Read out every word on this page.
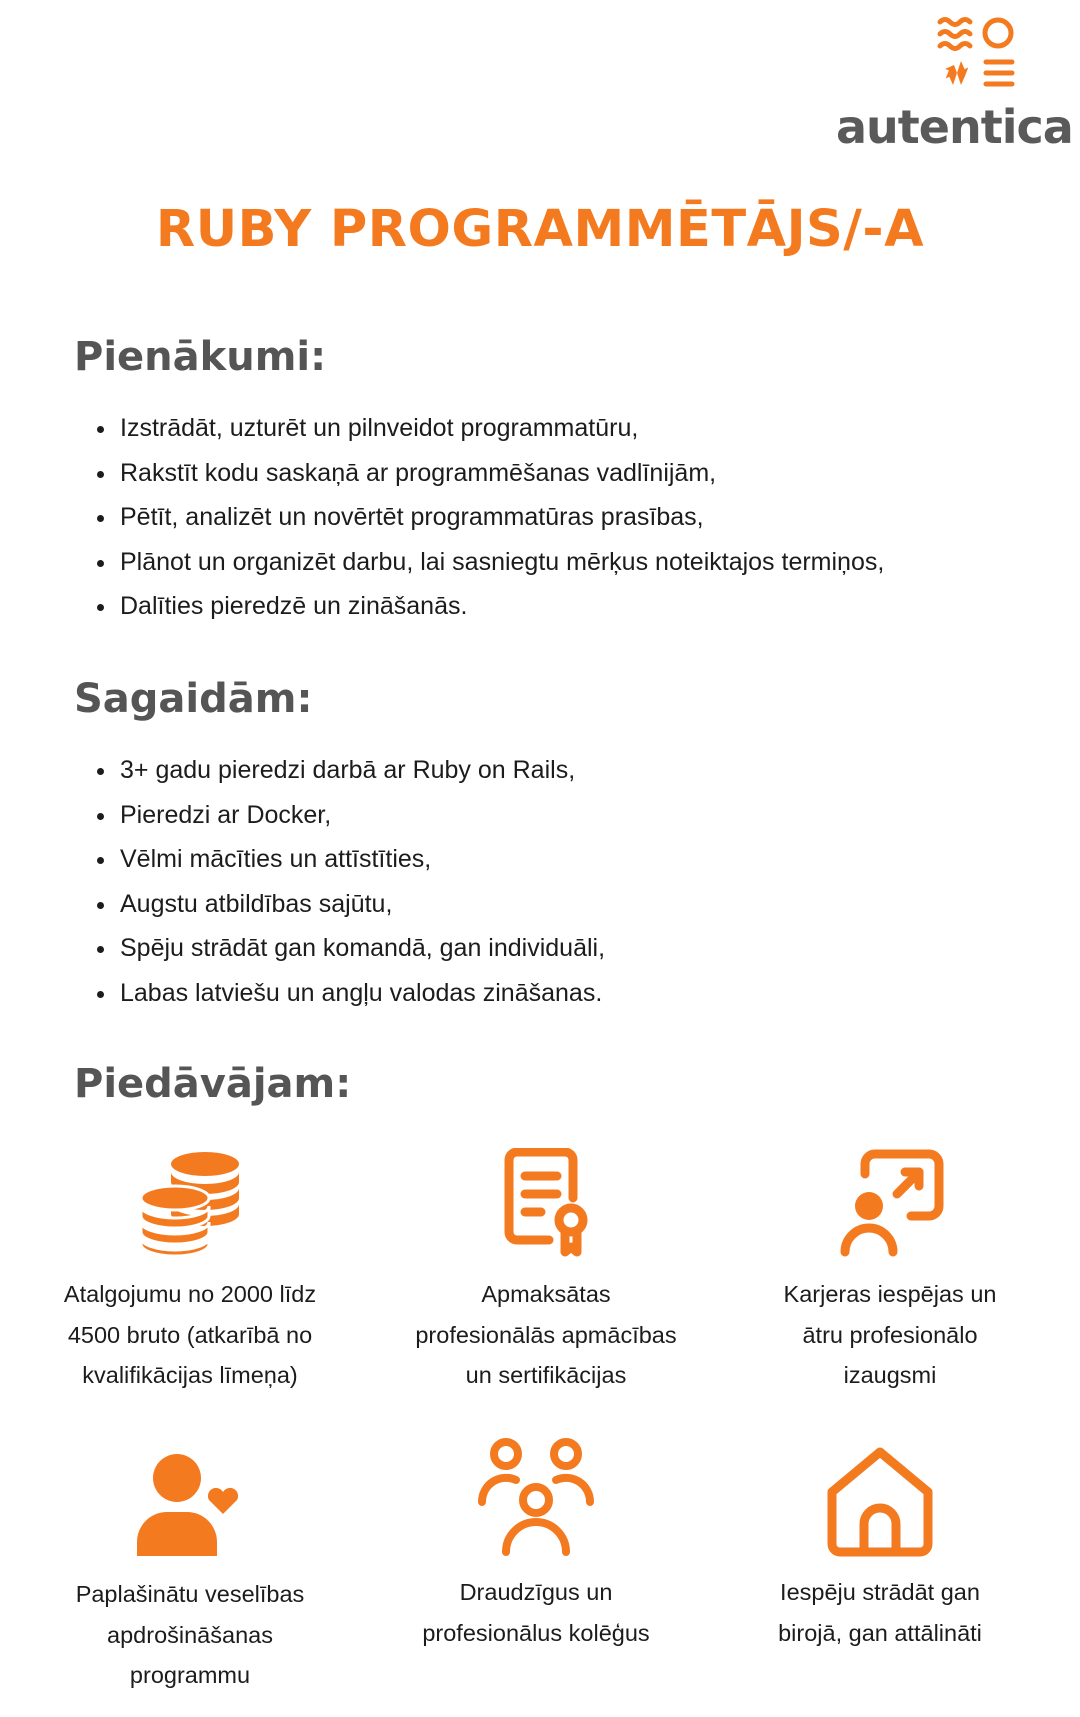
autentica
RUBY PROGRAMMĒTĀJS/-A
Pienākumi:
• Izstrādāt, uzturēt un pilnveidot programmatūru,
• Rakstīt kodu saskaņā ar programmēšanas vadlīnijām,
• Pētīt, analizēt un novērtēt programmatūras prasības,
• Plānot un organizēt darbu, lai sasniegtu mērķus noteiktajos termiņos,
• Dalīties pieredzē un zināšanās.
Sagaidām:
• 3+ gadu pieredzi darbā ar Ruby on Rails,
• Pieredzi ar Docker,
• Vēlmi mācīties un attīstīties,
• Augstu atbildības sajūtu,
• Spēju strādāt gan komandā, gan individuāli,
• Labas latviešu un angļu valodas zināšanas.
Piedāvājam:
Atalgojumu no 2000 līdz
4500 bruto (atkarībā no
kvalifikācijas līmeņa)
Apmaksātas
profesionālās apmācības
un sertifikācijas
Karjeras iespējas un
ātru profesionālo
izaugsmi
Paplašinātu veselības
apdrošināšanas
programmu
Draudzīgus un
profesionālus kolēģus
Iespēju strādāt gan
birojā, gan attālināti
